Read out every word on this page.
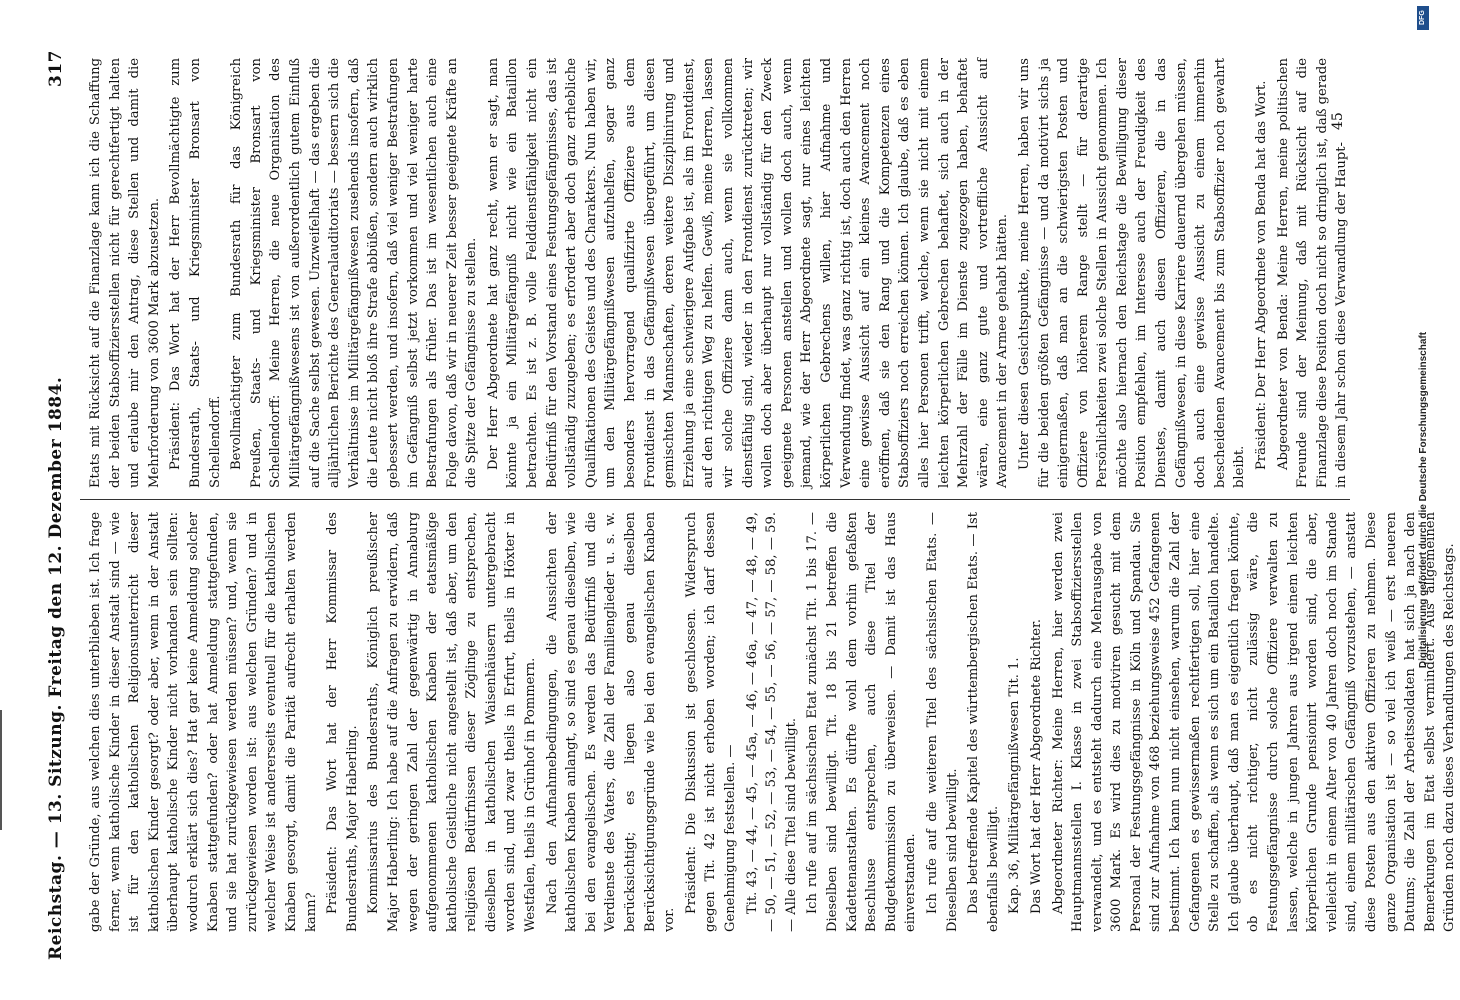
Reichstag. — 13. Sitzung. Freitag den 12. Dezember 1884.
317

gabe der Gründe, aus welchen dies unterblieben ist. Ich frage ferner, wenn katholische Kinder in dieser Anstalt sind — wie ist für den katholischen Religionsunterricht dieser katholischen Kinder gesorgt? oder aber, wenn in der Anstalt überhaupt katholische Kinder nicht vorhanden sein sollten: wodurch erklärt sich dies? Hat gar keine Anmeldung solcher Knaben stattgefunden? oder hat Anmeldung stattgefunden, und sie hat zurückgewiesen werden müssen? und, wenn sie zurückgewiesen worden ist: aus welchen Gründen? und in welcher Weise ist andererseits eventuell für die katholischen Knaben gesorgt, damit die Parität aufrecht erhalten werden kann? Präsident: Das Wort hat der Herr Kommissar des Bundesraths, Major Haberling. Kommissarius des Bundesraths, Königlich preußischer Major Haberling: Ich habe auf die Anfragen zu erwidern, daß wegen der geringen Zahl der gegenwärtig in Annaburg aufgenommenen katholischen Knaben der etatsmäßige katholische Geistliche nicht angestellt ist, daß aber, um den religiösen Bedürfnissen dieser Zöglinge zu entsprechen, dieselben in katholischen Waisenhäusern untergebracht worden sind, und zwar theils in Erfurt, theils in Höxter in Westfalen, theils in Grünhof in Pommern. Nach den Aufnahmebedingungen, die Aussichten der katholischen Knaben anlangt, so sind es genau dieselben, wie bei den evangelischen. Es werden das Bedürfniß und die Verdienste des Vaters, die Zahl der Familienglieder u. s. w. berücksichtigt; es liegen also genau dieselben Berücksichtigungsgründe wie bei den evangelischen Knaben vor.

Präsident: Die Diskussion ist geschlossen. Widerspruch gegen Tit. 42 ist nicht erhoben worden; ich darf dessen Genehmigung feststellen. — Tit. 43, — 44, — 45, — 45a, — 46, — 46a, — 47, — 48, — 49, — 50, — 51, — 52, — 53, — 54, — 55, — 56, — 57, — 58, — 59. — Alle diese Titel sind bewilligt. Ich rufe auf im sächsischen Etat zunächst Tit. 1 bis 17. — Dieselben sind bewilligt. Tit. 18 bis 21 betreffen die Kadettenanstalten. Es dürfte wohl dem vorhin gefaßten Beschlusse entsprechen, auch diese Titel der Budgetkommission zu überweisen. — Damit ist das Haus einverstanden. Ich rufe auf die weiteren Titel des sächsischen Etats. — Dieselben sind bewilligt. Das betreffende Kapitel des württembergischen Etats. — Ist ebenfalls bewilligt. Kap. 36, Militärgefängnißwesen Tit. 1. Das Wort hat der Herr Abgeordnete Richter. Abgeordneter Richter: Meine Herren, hier werden zwei Hauptmannsstellen I. Klasse in zwei Stabsoffiziersstellen verwandelt, und es entsteht dadurch eine Mehrausgabe von 3600 Mark. Es wird dies zu motiviren gesucht mit dem Personal der Festungsgefängnisse in Köln und Spandau. Sie sind zur Aufnahme von 468 beziehungsweise 452 Gefangenen bestimmt. Ich kann nun nicht einsehen, warum die Zahl der Gefangenen es gewissermaßen rechtfertigen soll, hier eine Stelle zu schaffen, als wenn es sich um ein Bataillon handelte. Ich glaube überhaupt, daß man es eigentlich fragen könnte, ob es nicht richtiger, nicht zulässig wäre, die Festungsgefängnisse durch solche Offiziere verwalten zu lassen, welche in jungen Jahren aus irgend einem leichten körperlichen Grunde pensionirt worden sind, die aber, vielleicht in einem Alter von 40 Jahren doch noch im Stande sind, einem militärischen Gefängniß vorzustehen, — anstatt diese Posten aus den aktiven Offizieren zu nehmen. Diese ganze Organisation ist — so viel ich weiß — erst neueren Datums; die Zahl der Arbeitssoldaten hat sich ja nach den Bemerkungen im Etat selbst vermindert. Aus allgemeinen Gründen noch dazu dieses Verhandlungen des Reichstags.

Etats mit Rücksicht auf die Finanzlage kann ich die Schaffung der beiden Stabsoffiziersstellen nicht für gerechtfertigt halten und erlaube mir den Antrag, diese Stellen und damit die Mehrforderung von 3600 Mark abzusetzen. Präsident: Das Wort hat der Herr Bevollmächtigte zum Bundesrath, Staats- und Kriegsminister Bronsart von Schellendorff. Bevollmächtigter zum Bundesrath für das Königreich Preußen, Staats- und Kriegsminister Bronsart von Schellendorff: Meine Herren, die neue Organisation des Militärgefängnißwesens ist von außerordentlich gutem Einfluß auf die Sache selbst gewesen. Unzweifelhaft — das ergeben die alljährlichen Berichte des Generalauditoriats — bessern sich die Verhältnisse im Militärgefängnißwesen zusehends insofern, daß die Leute nicht bloß ihre Strafe abbüßen, sondern auch wirklich gebessert werden, und insofern, daß viel weniger Bestrafungen im Gefängniß selbst jetzt vorkommen und viel weniger harte Bestrafungen als früher. Das ist im wesentlichen auch eine Folge davon, daß wir in neuerer Zeit besser geeignete Kräfte an die Spitze der Gefängnisse zu stellen. Der Herr Abgeordnete hat ganz recht, wenn er sagt, man könnte ja ein Militärgefängniß nicht wie ein Bataillon betrachten. Es ist z. B. volle Felddienstfähigkeit nicht ein Bedürfniß für den Vorstand eines Festungsgefängnisses, das ist vollständig zuzugeben; es erfordert aber doch ganz erhebliche Qualifikationen des Geistes und des Charakters. Nun haben wir, um den Militärgefängnißwesen aufzuhelfen, sogar ganz besonders hervorragend qualifizirte Offiziere aus dem Frontdienst in das Gefängnißwesen übergeführt, um diesen gemischten Mannschaften, deren weitere Disziplinirung und Erziehung ja eine schwierigere Aufgabe ist, als im Frontdienst, auf den richtigen Weg zu helfen. Gewiß, meine Herren, lassen wir solche Offiziere dann auch, wenn sie vollkommen dienstfähig sind, wieder in den Frontdienst zurücktreten; wir wollen doch aber überhaupt nur vollständig für den Zweck geeignete Personen anstellen und wollen doch auch, wenn jemand, wie der Herr Abgeordnete sagt, nur eines leichten körperlichen Gebrechens willen, hier Aufnahme und Verwendung findet, was ganz richtig ist, doch auch den Herren eine gewisse Aussicht auf ein kleines Avancement noch eröffnen, daß sie den Rang und die Kompetenzen eines Stabsoffiziers noch erreichen können. Ich glaube, daß es eben alles hier Personen trifft, welche, wenn sie nicht mit einem leichten körperlichen Gebrechen behaftet, sich auch in der Mehrzahl der Fälle im Dienste zugezogen haben, behaftet wären, eine ganz gute und vortreffliche Aussicht auf Avancement in der Armee gehabt hätten. Unter diesen Gesichtspunkte, meine Herren, haben wir uns für die beiden größten Gefängnisse — und da motivirt sichs ja einigermaßen, daß man an die schwierigsten Posten und Offiziere von höherem Range stellt — für derartige Persönlichkeiten zwei solche Stellen in Aussicht genommen. Ich möchte also hiernach den Reichstage die Bewilligung dieser Position empfehlen, im Interesse auch der Freudigkeit des Dienstes, damit auch diesen Offizieren, die in das Gefängnißwesen, in diese Karriere dauernd übergehen müssen, doch auch eine gewisse Aussicht zu einem immerhin bescheidenen Avancement bis zum Stabsoffizier noch gewahrt bleibt. Präsident: Der Herr Abgeordnete von Benda hat das Wort. Abgeordneter von Benda: Meine Herren, meine politischen Freunde sind der Meinung, daß mit Rücksicht auf die Finanzlage diese Position doch nicht so dringlich ist, daß gerade in diesem Jahr schon diese Verwandlung der Haupt-

45
DFG
Digitalisierung gefördert durch die Deutsche Forschungsgemeinschaft
